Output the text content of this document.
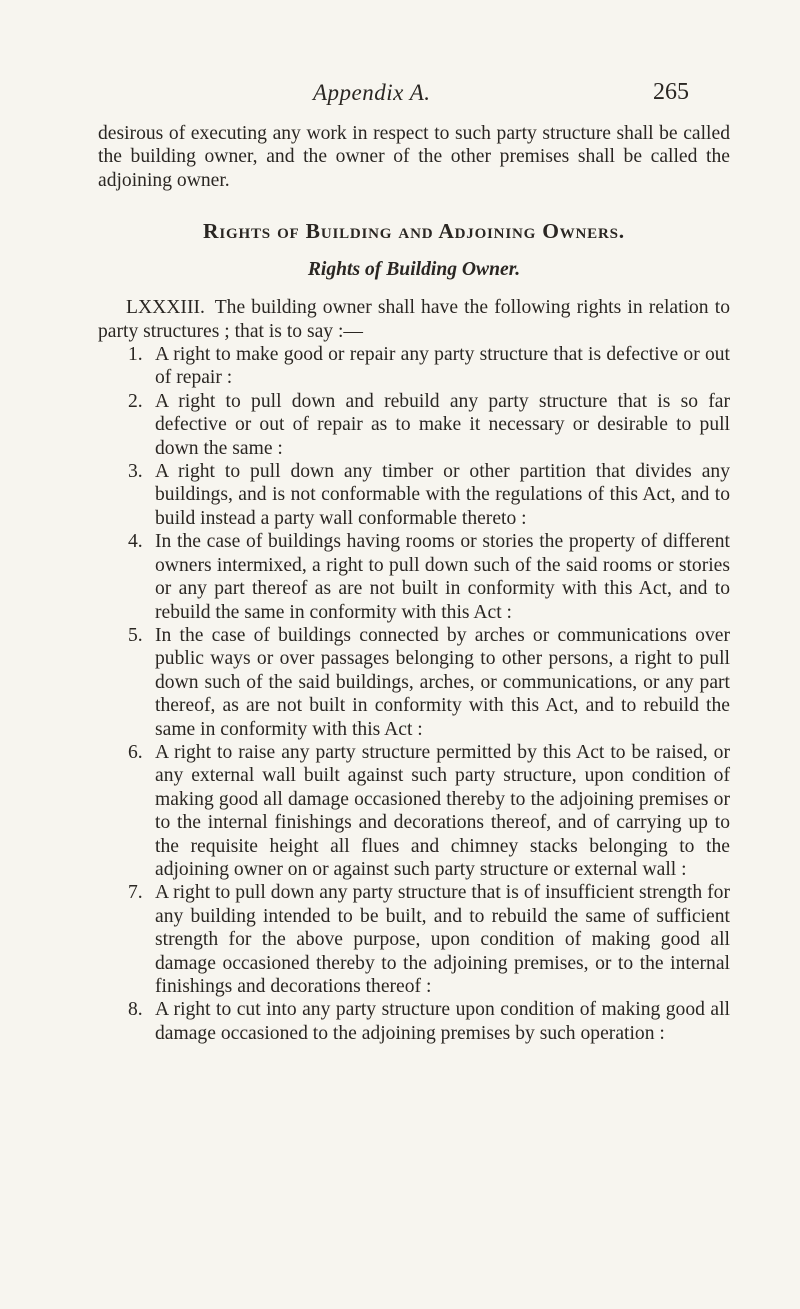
Appendix A.	265

desirous of executing any work in respect to such party structure shall be called the building owner, and the owner of the other premises shall be called the adjoining owner.

Rights of Building and Adjoining Owners.
Rights of Building Owner.

LXXXIII. The building owner shall have the following rights in relation to party structures ; that is to say :—

1. A right to make good or repair any party structure that is defective or out of repair :
2. A right to pull down and rebuild any party structure that is so far defective or out of repair as to make it necessary or desirable to pull down the same :
3. A right to pull down any timber or other partition that divides any buildings, and is not conformable with the regulations of this Act, and to build instead a party wall conformable thereto :
4. In the case of buildings having rooms or stories the property of different owners intermixed, a right to pull down such of the said rooms or stories or any part thereof as are not built in conformity with this Act, and to rebuild the same in conformity with this Act :
5. In the case of buildings connected by arches or communications over public ways or over passages belonging to other persons, a right to pull down such of the said buildings, arches, or communications, or any part thereof, as are not built in conformity with this Act, and to rebuild the same in conformity with this Act :
6. A right to raise any party structure permitted by this Act to be raised, or any external wall built against such party structure, upon condition of making good all damage occasioned thereby to the adjoining premises or to the internal finishings and decorations thereof, and of carrying up to the requisite height all flues and chimney stacks belonging to the adjoining owner on or against such party structure or external wall :
7. A right to pull down any party structure that is of insufficient strength for any building intended to be built, and to rebuild the same of sufficient strength for the above purpose, upon condition of making good all damage occasioned thereby to the adjoining premises, or to the internal finishings and decorations thereof :
8. A right to cut into any party structure upon condition of making good all damage occasioned to the adjoining premises by such operation :
